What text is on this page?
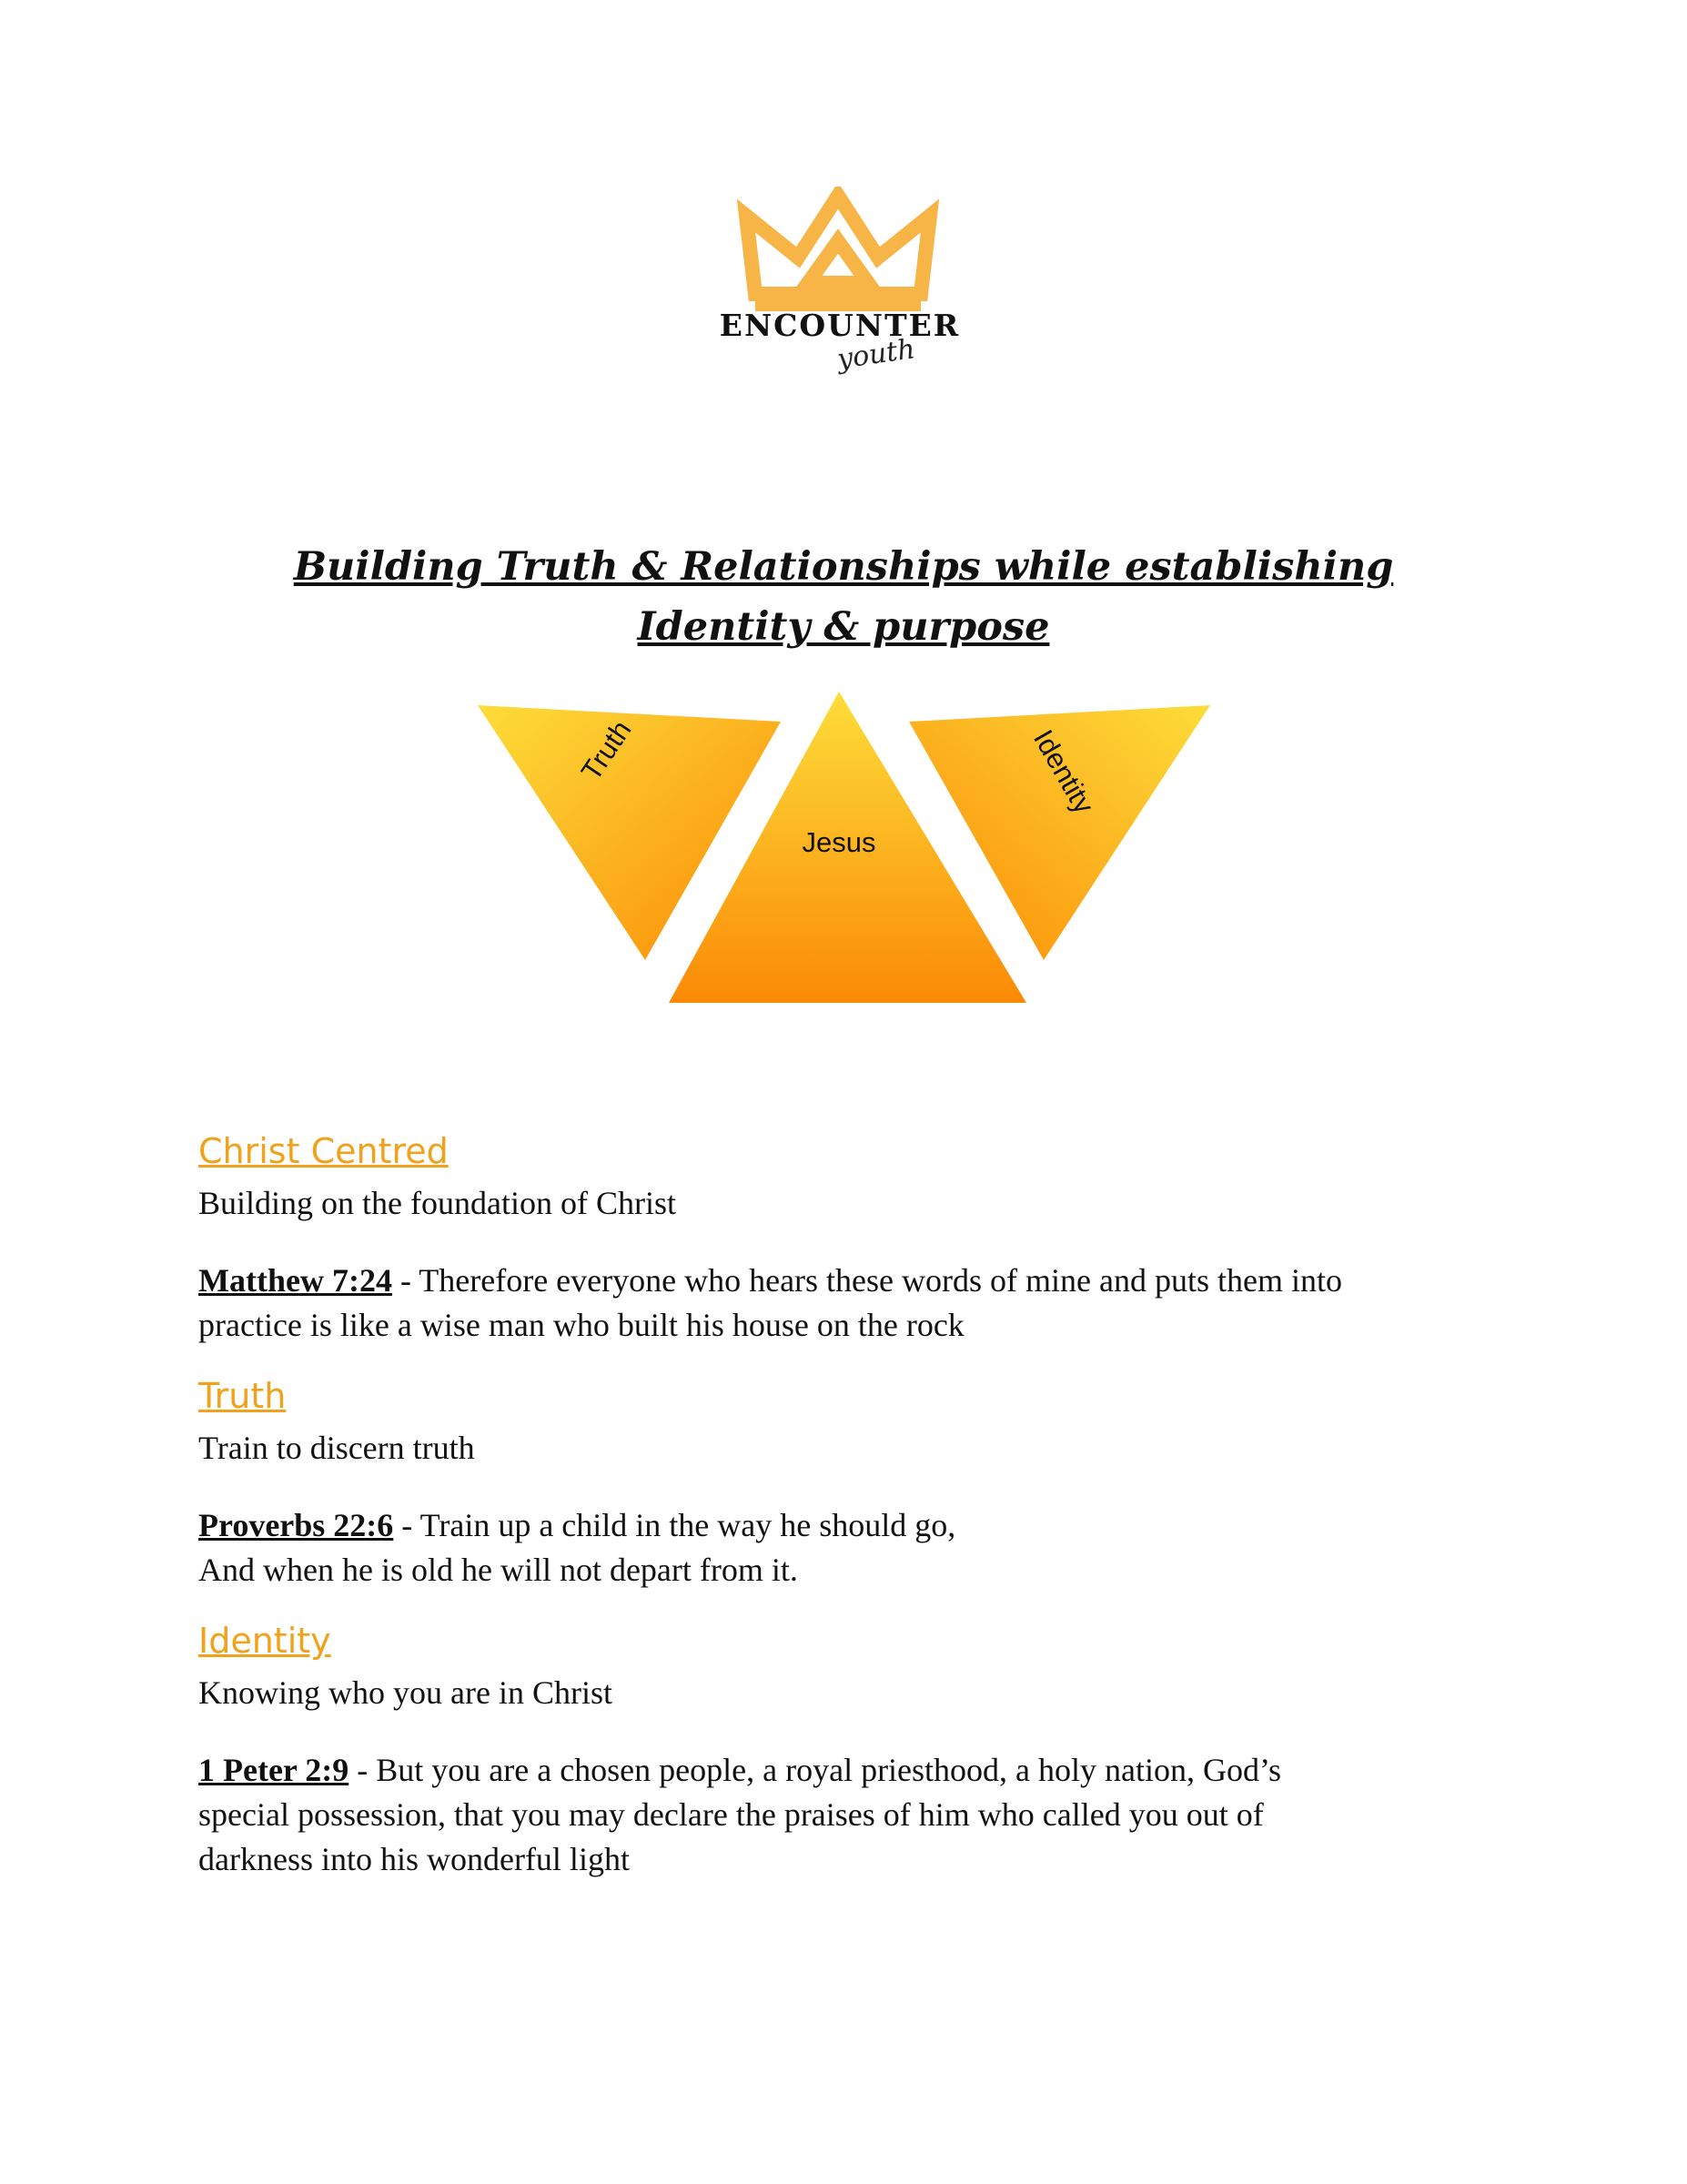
ENCOUNTER
youth
Building Truth & Relationships while establishing
Identity & purpose
Truth
Jesus
Identity

Christ Centred

Building on the foundation of Christ

Matthew 7:24 - Therefore everyone who hears these words of mine and puts them into
practice is like a wise man who built his house on the rock

Truth

Train to discern truth

Proverbs 22:6 - Train up a child in the way he should go,
And when he is old he will not depart from it.

Identity

Knowing who you are in Christ

1 Peter 2:9 - But you are a chosen people, a royal priesthood, a holy nation, God’s
special possession, that you may declare the praises of him who called you out of
darkness into his wonderful light
